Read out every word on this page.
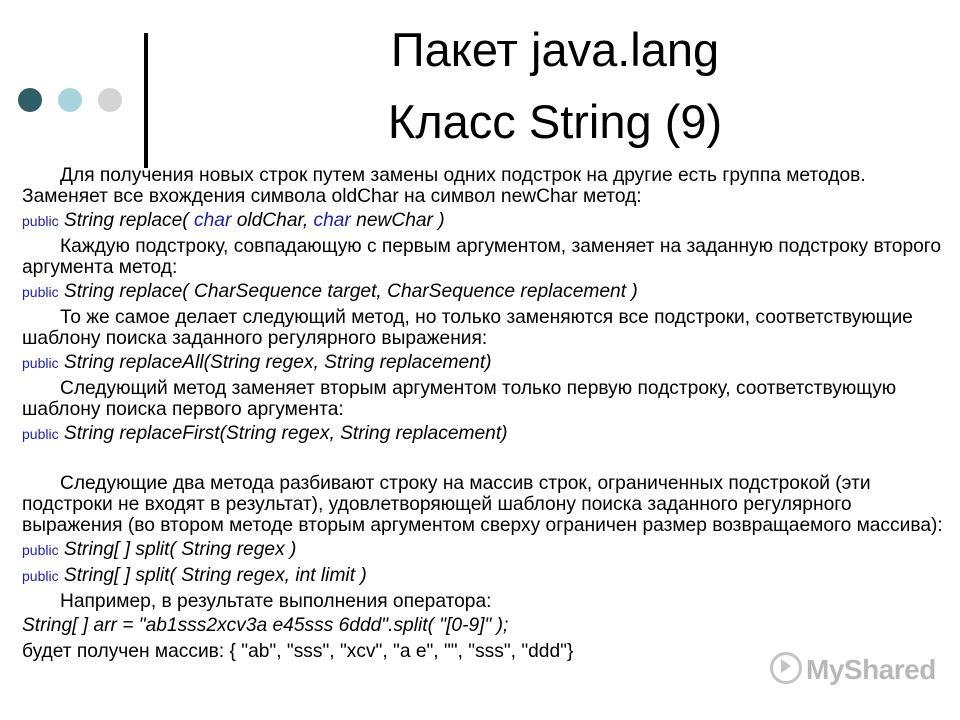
Пакет java.lang
Класс String (9)

Для получения новых строк путем замены одних подстрок на другие есть группа методов. Заменяет все вхождения символа oldChar на символ newChar метод:

public String replace( char oldChar, char newChar )

Каждую подстроку, совпадающую с первым аргументом, заменяет на заданную подстроку второго аргумента метод:

public String replace( CharSequence target, CharSequence replacement )

То же самое делает следующий метод, но только заменяются все подстроки, соответствующие шаблону поиска заданного регулярного выражения:

public String replaceAll(String regex, String replacement)

Следующий метод заменяет вторым аргументом только первую подстроку, соответствующую шаблону поиска первого аргумента:

public String replaceFirst(String regex, String replacement)

Следующие два метода разбивают строку на массив строк, ограниченных подстрокой (эти подстроки не входят в результат), удовлетворяющей шаблону поиска заданного регулярного выражения (во втором методе вторым аргументом сверху ограничен размер возвращаемого массива):

public String[ ] split( String regex )
public String[ ] split( String regex, int limit )

Например, в результате выполнения оператора:

String[ ] arr = "ab1sss2xcv3a e45sss 6ddd".split( "[0-9]" );

будет получен массив: { "ab", "sss", "xcv", "a e", "", "sss", "ddd"}

MyShared
